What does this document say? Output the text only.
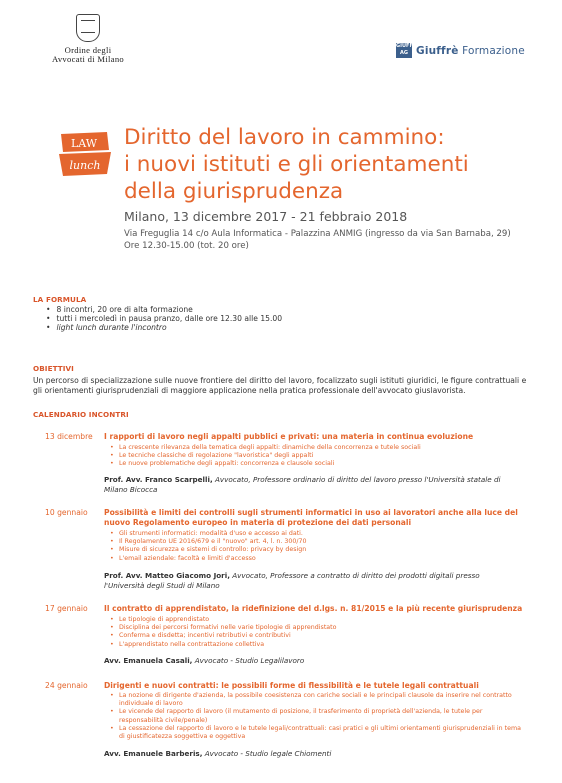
Ordine degli
Avvocati di Milano
GIUFFRÈ AG Giuffrè Formazione
LAW
lunch
Diritto del lavoro in cammino:
i nuovi istituti e gli orientamenti
della giurisprudenza
Milano, 13 dicembre 2017 - 21 febbraio 2018
Via Freguglia 14 c/o Aula Informatica - Palazzina ANMIG (ingresso da via San Barnaba, 29)
Ore 12.30-15.00 (tot. 20 ore)
LA FORMULA
• 8 incontri, 20 ore di alta formazione
• tutti i mercoledì in pausa pranzo, dalle ore 12.30 alle 15.00
• light lunch durante l'incontro
OBIETTIVI
Un percorso di specializzazione sulle nuove frontiere del diritto del lavoro, focalizzato sugli istituti giuridici, le figure contrattuali e gli orientamenti giurisprudenziali di maggiore applicazione nella pratica professionale dell'avvocato giuslavorista.
CALENDARIO INCONTRI
13 dicembre I rapporti di lavoro negli appalti pubblici e privati: una materia in continua evoluzione
• La crescente rilevanza della tematica degli appalti: dinamiche della concorrenza e tutele sociali
• Le tecniche classiche di regolazione "lavoristica" degli appalti
• Le nuove problematiche degli appalti: concorrenza e clausole sociali
Prof. Avv. Franco Scarpelli, Avvocato, Professore ordinario di diritto del lavoro presso l'Università statale di Milano Bicocca
10 gennaio Possibilità e limiti dei controlli sugli strumenti informatici in uso ai lavoratori anche alla luce del nuovo Regolamento europeo in materia di protezione dei dati personali
• Gli strumenti informatici: modalità d'uso e accesso ai dati.
• Il Regolamento UE 2016/679 e il "nuovo" art. 4, l. n. 300/70
• Misure di sicurezza e sistemi di controllo: privacy by design
• L'email aziendale: facoltà e limiti d'accesso
Prof. Avv. Matteo Giacomo Jori, Avvocato, Professore a contratto di diritto dei prodotti digitali presso l'Università degli Studi di Milano
17 gennaio Il contratto di apprendistato, la ridefinizione del d.lgs. n. 81/2015 e la più recente giurisprudenza
• Le tipologie di apprendistato
• Disciplina dei percorsi formativi nelle varie tipologie di apprendistato
• Conferma e disdetta; incentivi retributivi e contributivi
• L'apprendistato nella contrattazione collettiva
Avv. Emanuela Casali, Avvocato - Studio Legalilavoro
24 gennaio Dirigenti e nuovi contratti: le possibili forme di flessibilità e le tutele legali contrattuali
• La nozione di dirigente d'azienda, la possibile coesistenza con cariche sociali e le principali clausole da inserire nel contratto individuale di lavoro
• Le vicende del rapporto di lavoro (il mutamento di posizione, il trasferimento di proprietà dell'azienda, le tutele per responsabilità civile/penale)
• La cessazione del rapporto di lavoro e le tutele legali/contrattuali: casi pratici e gli ultimi orientamenti giurisprudenziali in tema di giustificatezza soggettiva e oggettiva
Avv. Emanuele Barberis, Avvocato - Studio legale Chiomenti
